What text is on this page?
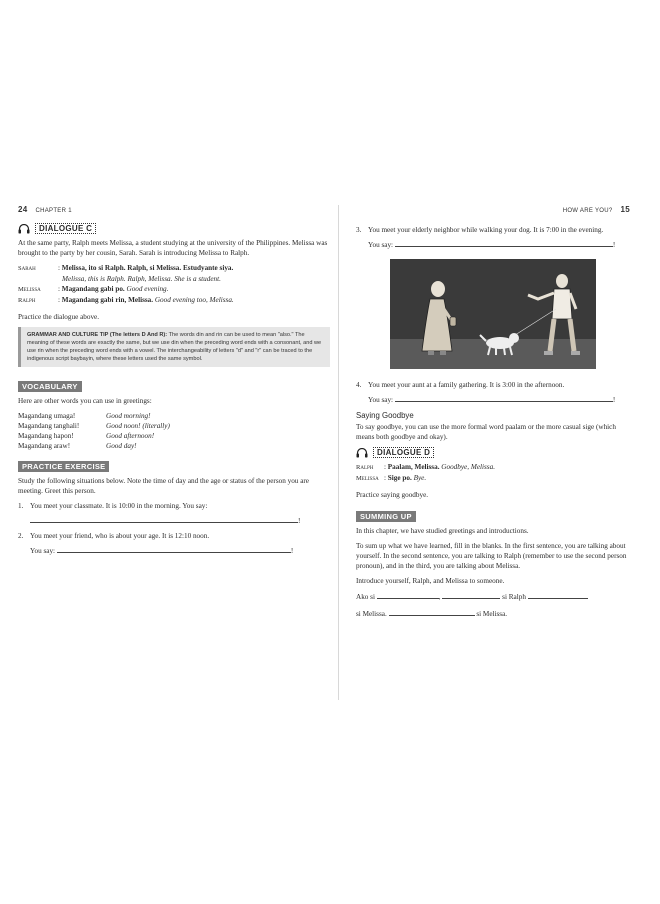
24 CHAPTER 1
DIALOGUE C

At the same party, Ralph meets Melissa, a student studying at the university of the Philippines. Melissa was brought to the party by her cousin, Sarah. Sarah is introducing Melissa to Ralph.

Sarah	: Melissa, ito si Ralph. Ralph, si Melissa. Estudyante siya.
Melissa, this is Ralph. Ralph, Melissa. She is a student.
Melissa : Magandang gabi po. Good evening.
Ralph	: Magandang gabi rin, Melissa. Good evening too, Melissa.

Practice the dialogue above.

GRAMMAR AND CULTURE TIP (The letters D And R): The words din and rin can be used to mean "also." The meaning of these words are exactly the same, but we use din when the preceding word ends with a consonant, and we use rin when the preceding word ends with a vowel. The interchangeability of letters "d" and "r" can be traced to the indigenous script baybayin, where these letters used the same symbol.
VOCABULARY

Here are other words you can use in greetings:

Magandang umaga!	Good morning!
Magandang tanghali!	Good noon! (literally)
Magandang hapon!	Good afternoon!
Magandang araw!	Good day!
PRACTICE EXERCISE

Study the following situations below. Note the time of day and the age or status of the person you are meeting. Greet this person.

1. You meet your classmate. It is 10:00 in the morning. You say:
!
2. You meet your friend, who is about your age. It is 12:10 noon.
You say:	!
HOW ARE YOU? 15
3. You meet your elderly neighbor while walking your dog. It is 7:00 in the evening.
You say:	!
4. You meet your aunt at a family gathering. It is 3:00 in the afternoon.
You say:	!
Saying Goodbye

To say goodbye, you can use the more formal word paalam or the more casual sige (which means both goodbye and okay).

DIALOGUE D
Ralph : Paalam, Melissa. Goodbye, Melissa.
Melissa : Sige po. Bye.

Practice saying goodbye.

SUMMING UP

In this chapter, we have studied greetings and introductions.

To sum up what we have learned, fill in the blanks. In the first sentence, you are talking about yourself. In the second sentence, you are talking to Ralph (remember to use the second person pronoun), and in the third, you are talking about Melissa.

Introduce yourself, Ralph, and Melissa to someone.

Ako si	,	si Ralph
si Melissa.	si Melissa.
